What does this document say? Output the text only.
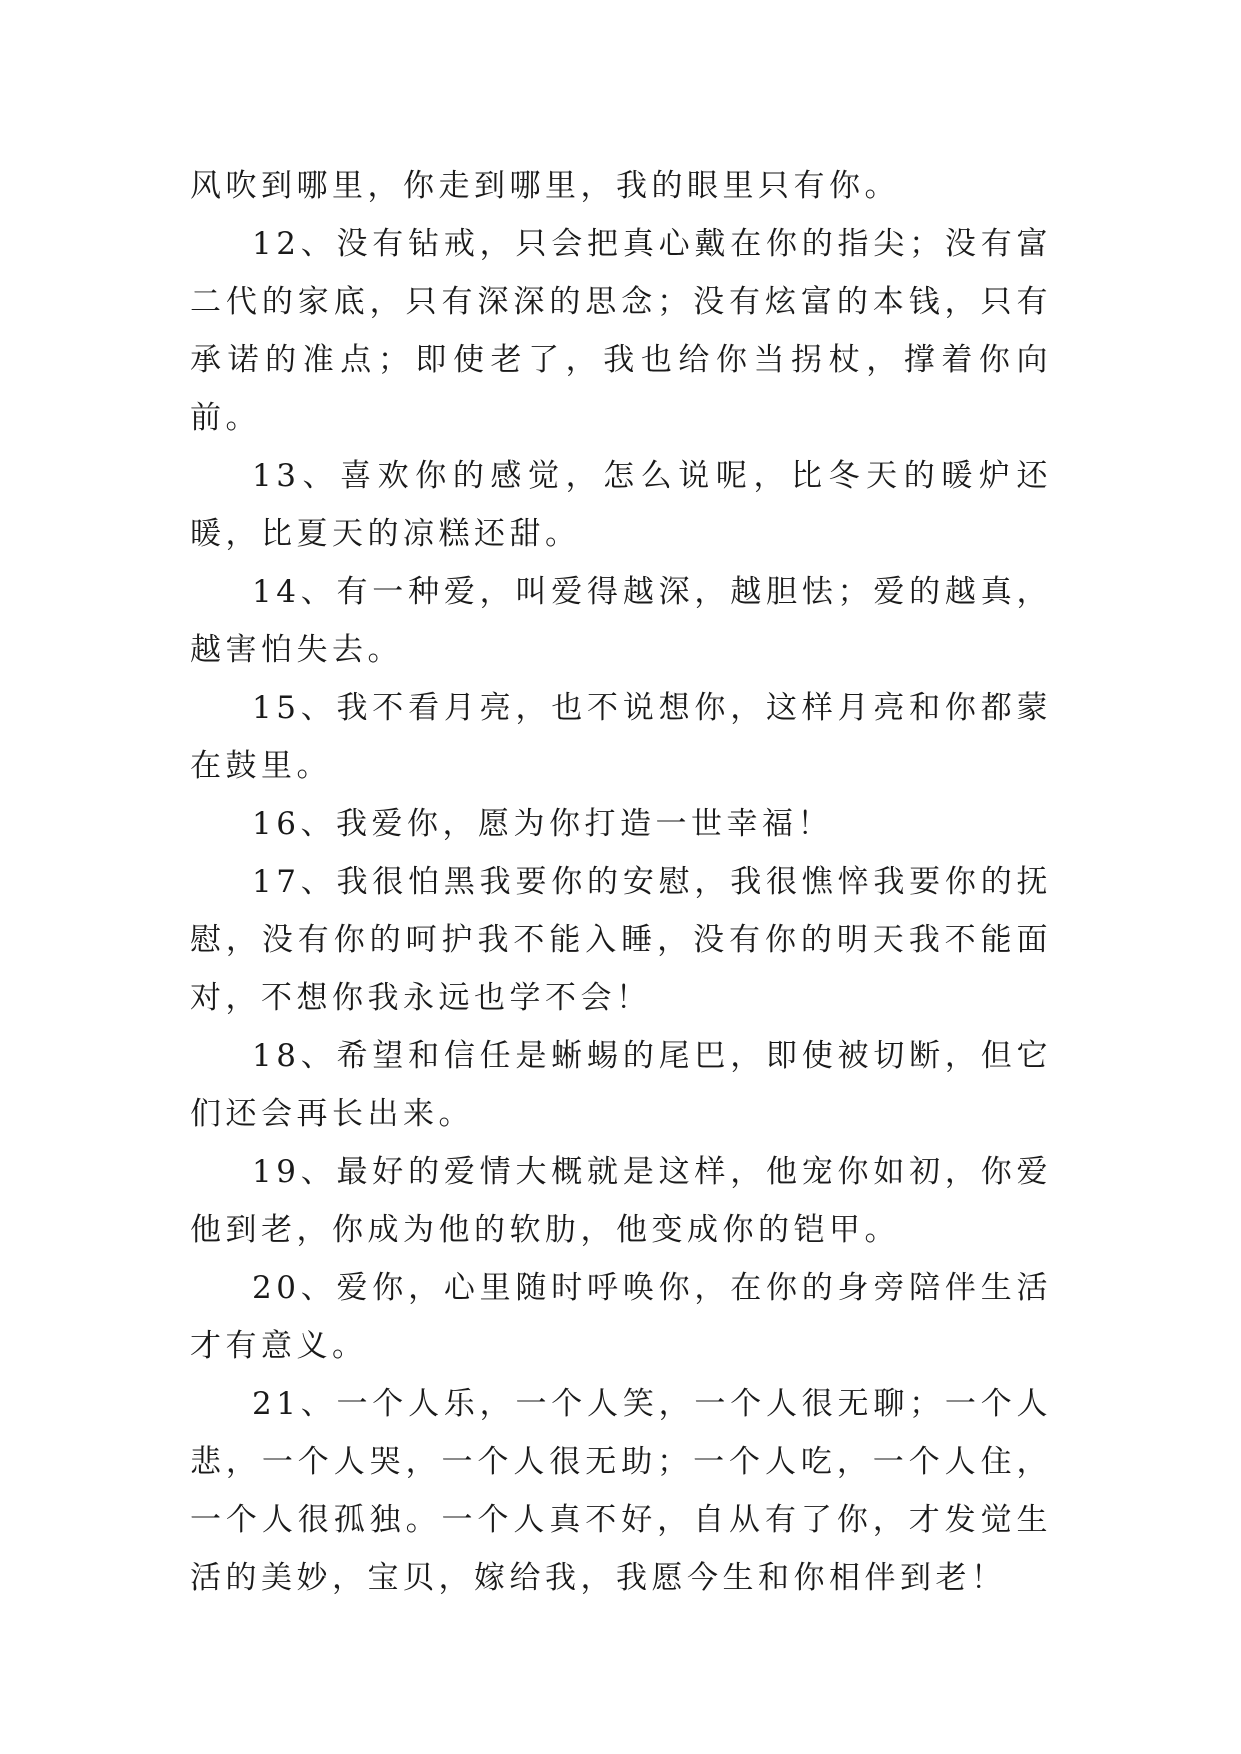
风吹到哪里，你走到哪里，我的眼里只有你。

12、没有钻戒，只会把真心戴在你的指尖；没有富二代的家底，只有深深的思念；没有炫富的本钱，只有承诺的准点；即使老了，我也给你当拐杖，撑着你向前。

13、喜欢你的感觉，怎么说呢，比冬天的暖炉还暖，比夏天的凉糕还甜。

14、有一种爱，叫爱得越深，越胆怯；爱的越真，越害怕失去。

15、我不看月亮，也不说想你，这样月亮和你都蒙在鼓里。

16、我爱你，愿为你打造一世幸福！

17、我很怕黑我要你的安慰，我很憔悴我要你的抚慰，没有你的呵护我不能入睡，没有你的明天我不能面对，不想你我永远也学不会！

18、希望和信任是蜥蜴的尾巴，即使被切断，但它们还会再长出来。

19、最好的爱情大概就是这样，他宠你如初，你爱他到老，你成为他的软肋，他变成你的铠甲。

20、爱你，心里随时呼唤你，在你的身旁陪伴生活才有意义。

21、一个人乐，一个人笑，一个人很无聊；一个人悲，一个人哭，一个人很无助；一个人吃，一个人住，一个人很孤独。一个人真不好，自从有了你，才发觉生活的美妙，宝贝，嫁给我，我愿今生和你相伴到老！
